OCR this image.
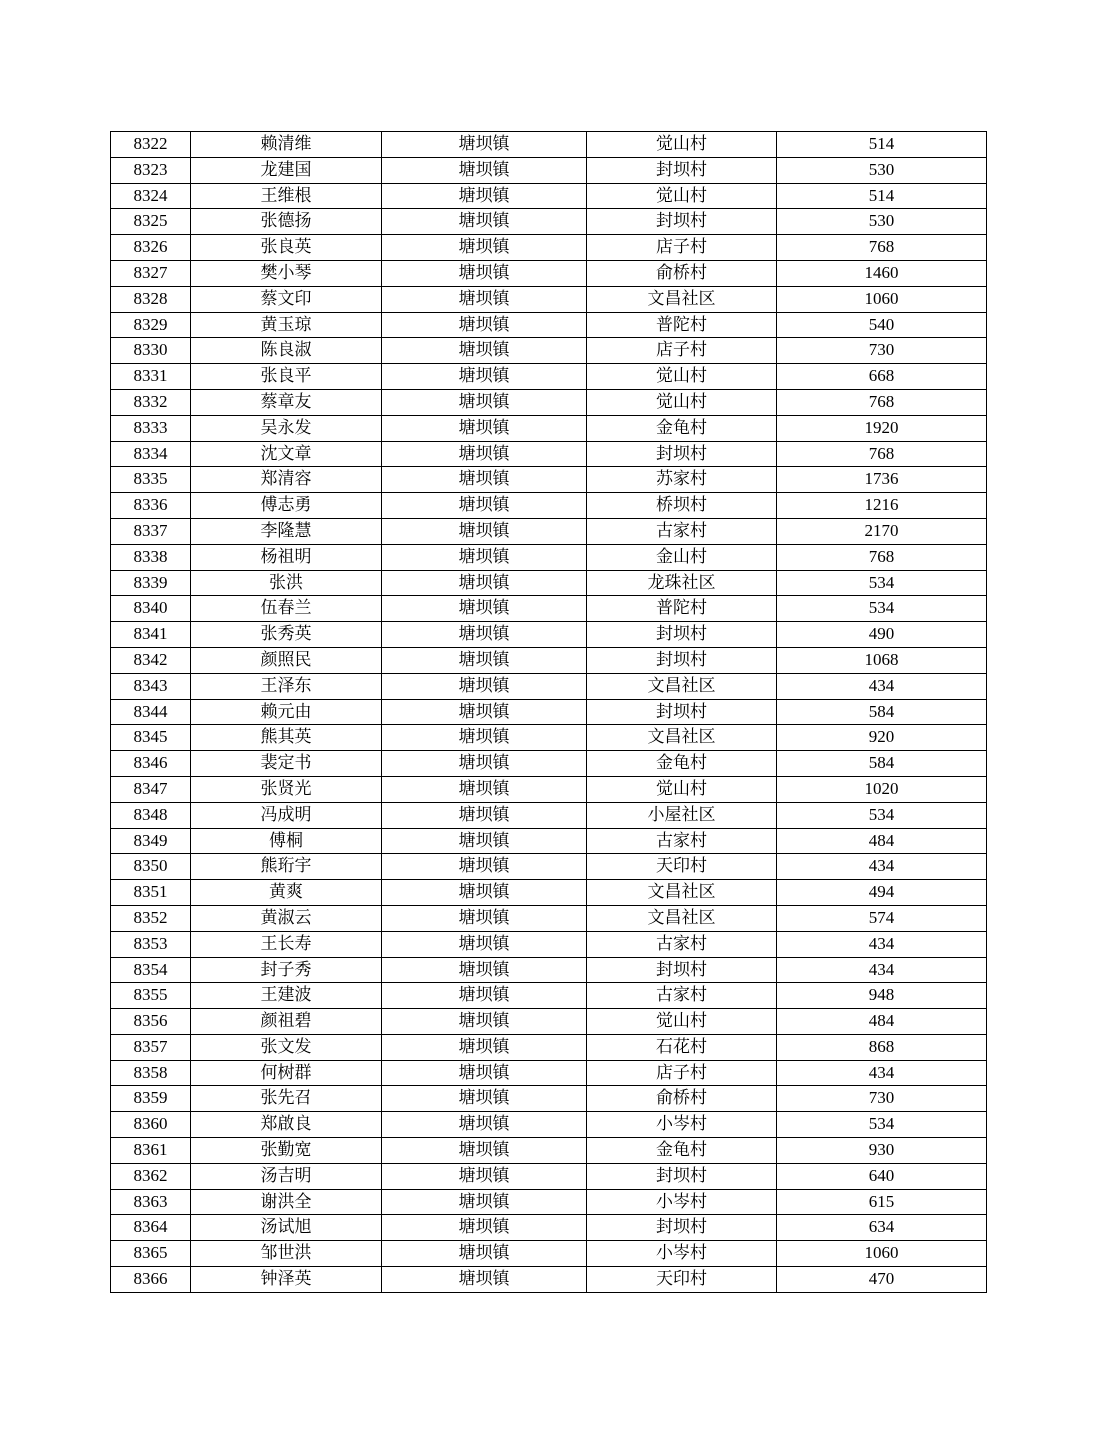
8322	赖清维	塘坝镇	觉山村	514
8323	龙建国	塘坝镇	封坝村	530
8324	王维根	塘坝镇	觉山村	514
8325	张德扬	塘坝镇	封坝村	530
8326	张良英	塘坝镇	店子村	768
8327	樊小琴	塘坝镇	俞桥村	1460
8328	蔡文印	塘坝镇	文昌社区	1060
8329	黄玉琼	塘坝镇	普陀村	540
8330	陈良淑	塘坝镇	店子村	730
8331	张良平	塘坝镇	觉山村	668
8332	蔡章友	塘坝镇	觉山村	768
8333	吴永发	塘坝镇	金龟村	1920
8334	沈文章	塘坝镇	封坝村	768
8335	郑清容	塘坝镇	苏家村	1736
8336	傅志勇	塘坝镇	桥坝村	1216
8337	李隆慧	塘坝镇	古家村	2170
8338	杨祖明	塘坝镇	金山村	768
8339	张洪	塘坝镇	龙珠社区	534
8340	伍春兰	塘坝镇	普陀村	534
8341	张秀英	塘坝镇	封坝村	490
8342	颜照民	塘坝镇	封坝村	1068
8343	王泽东	塘坝镇	文昌社区	434
8344	赖元由	塘坝镇	封坝村	584
8345	熊其英	塘坝镇	文昌社区	920
8346	裴定书	塘坝镇	金龟村	584
8347	张贤光	塘坝镇	觉山村	1020
8348	冯成明	塘坝镇	小屋社区	534
8349	傅桐	塘坝镇	古家村	484
8350	熊珩宇	塘坝镇	天印村	434
8351	黄爽	塘坝镇	文昌社区	494
8352	黄淑云	塘坝镇	文昌社区	574
8353	王长寿	塘坝镇	古家村	434
8354	封子秀	塘坝镇	封坝村	434
8355	王建波	塘坝镇	古家村	948
8356	颜祖碧	塘坝镇	觉山村	484
8357	张文发	塘坝镇	石花村	868
8358	何树群	塘坝镇	店子村	434
8359	张先召	塘坝镇	俞桥村	730
8360	郑啟良	塘坝镇	小岑村	534
8361	张勤宽	塘坝镇	金龟村	930
8362	汤吉明	塘坝镇	封坝村	640
8363	谢洪全	塘坝镇	小岑村	615
8364	汤试旭	塘坝镇	封坝村	634
8365	邹世洪	塘坝镇	小岑村	1060
8366	钟泽英	塘坝镇	天印村	470
